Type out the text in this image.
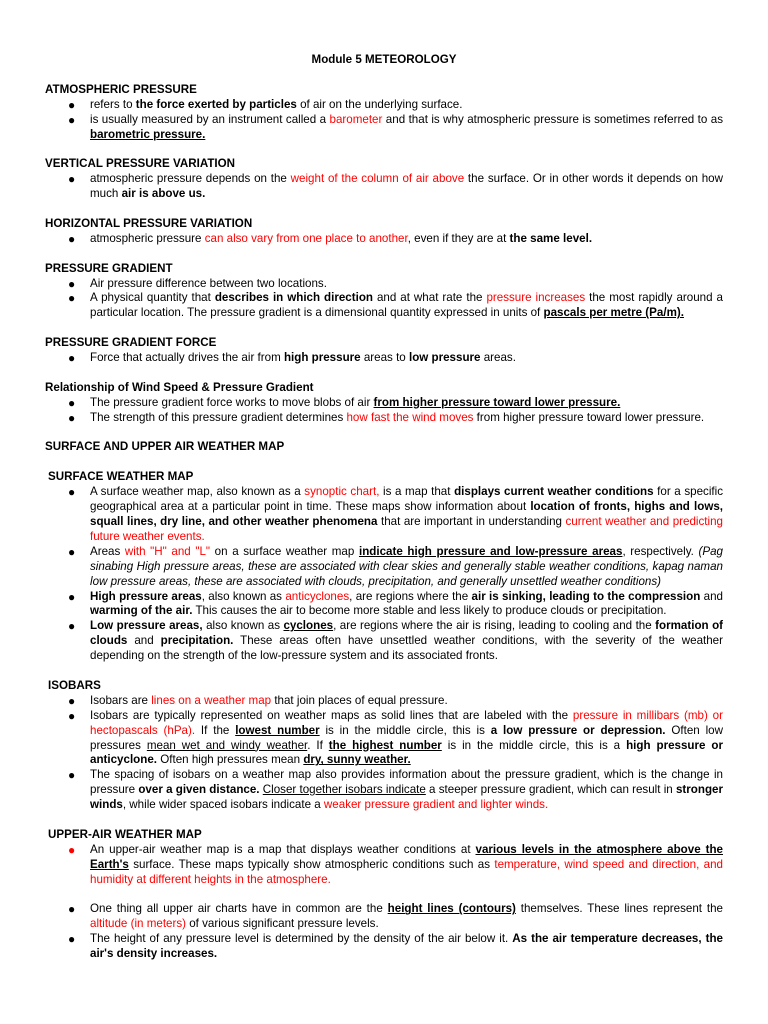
Module 5 METEOROLOGY
ATMOSPHERIC PRESSURE
● refers to the force exerted by particles of air on the underlying surface.
● is usually measured by an instrument called a barometer and that is why atmospheric pressure is sometimes referred to as barometric pressure.
VERTICAL PRESSURE VARIATION
● atmospheric pressure depends on the weight of the column of air above the surface. Or in other words it depends on how much air is above us.
HORIZONTAL PRESSURE VARIATION
● atmospheric pressure can also vary from one place to another, even if they are at the same level.
PRESSURE GRADIENT
● Air pressure difference between two locations.
● A physical quantity that describes in which direction and at what rate the pressure increases the most rapidly around a particular location. The pressure gradient is a dimensional quantity expressed in units of pascals per metre (Pa/m).
PRESSURE GRADIENT FORCE
● Force that actually drives the air from high pressure areas to low pressure areas.
Relationship of Wind Speed & Pressure Gradient
● The pressure gradient force works to move blobs of air from higher pressure toward lower pressure.
● The strength of this pressure gradient determines how fast the wind moves from higher pressure toward lower pressure.
SURFACE AND UPPER AIR WEATHER MAP
SURFACE WEATHER MAP
● A surface weather map, also known as a synoptic chart, is a map that displays current weather conditions for a specific geographical area at a particular point in time. These maps show information about location of fronts, highs and lows, squall lines, dry line, and other weather phenomena that are important in understanding current weather and predicting future weather events.
● Areas with "H" and "L" on a surface weather map indicate high pressure and low-pressure areas, respectively. (Pag sinabing High pressure areas, these are associated with clear skies and generally stable weather conditions, kapag naman low pressure areas, these are associated with clouds, precipitation, and generally unsettled weather conditions)
● High pressure areas, also known as anticyclones, are regions where the air is sinking, leading to the compression and warming of the air. This causes the air to become more stable and less likely to produce clouds or precipitation.
● Low pressure areas, also known as cyclones, are regions where the air is rising, leading to cooling and the formation of clouds and precipitation. These areas often have unsettled weather conditions, with the severity of the weather depending on the strength of the low-pressure system and its associated fronts.
ISOBARS
● Isobars are lines on a weather map that join places of equal pressure.
● Isobars are typically represented on weather maps as solid lines that are labeled with the pressure in millibars (mb) or hectopascals (hPa). If the lowest number is in the middle circle, this is a low pressure or depression. Often low pressures mean wet and windy weather. If the highest number is in the middle circle, this is a high pressure or anticyclone. Often high pressures mean dry, sunny weather.
● The spacing of isobars on a weather map also provides information about the pressure gradient, which is the change in pressure over a given distance. Closer together isobars indicate a steeper pressure gradient, which can result in stronger winds, while wider spaced isobars indicate a weaker pressure gradient and lighter winds.
UPPER-AIR WEATHER MAP
● An upper-air weather map is a map that displays weather conditions at various levels in the atmosphere above the Earth's surface. These maps typically show atmospheric conditions such as temperature, wind speed and direction, and humidity at different heights in the atmosphere.
● One thing all upper air charts have in common are the height lines (contours) themselves. These lines represent the altitude (in meters) of various significant pressure levels.
● The height of any pressure level is determined by the density of the air below it. As the air temperature decreases, the air's density increases.
